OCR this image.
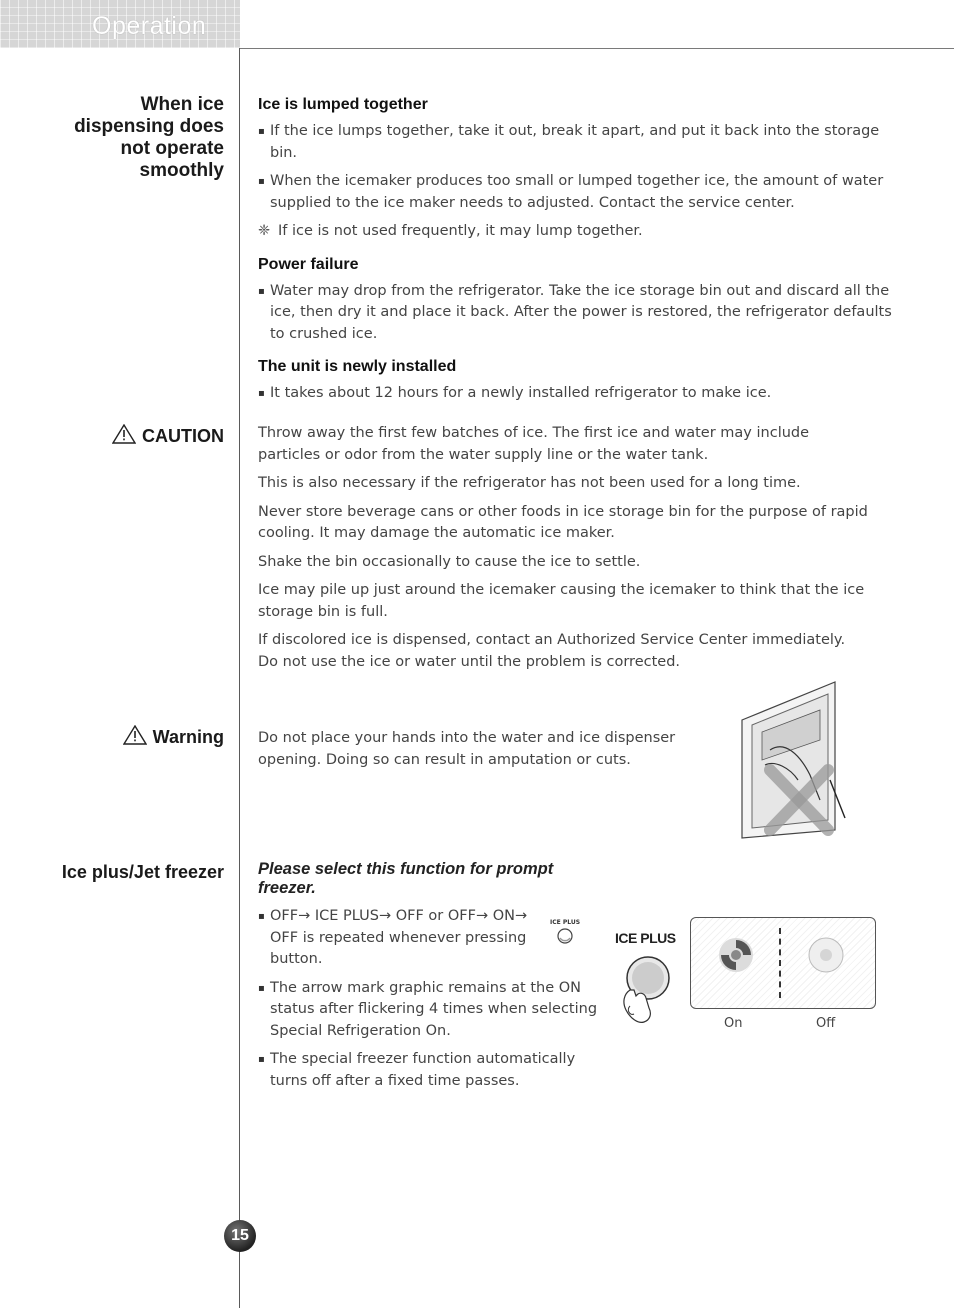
Operation
When ice
dispensing does
not operate
smoothly
CAUTION
Warning
Ice plus/Jet freezer
Ice is lumped together
▪ If the ice lumps together, take it out, break it apart, and put it back into the storage bin.
▪ When the icemaker produces too small or lumped together ice, the amount of water supplied to the ice maker needs to adjusted. Contact the service center.
❈ If ice is not used frequently, it may lump together.
Power failure
▪ Water may drop from the refrigerator. Take the ice storage bin out and discard all the ice, then dry it and place it back. After the power is restored, the refrigerator defaults to crushed ice.
The unit is newly installed
▪ It takes about 12 hours for a newly installed refrigerator to make ice.
Throw away the first few batches of ice. The first ice and water may include particles or odor from the water supply line or the water tank.
This is also necessary if the refrigerator has not been used for a long time.
Never store beverage cans or other foods in ice storage bin for the purpose of rapid cooling. It may damage the automatic ice maker.
Shake the bin occasionally to cause the ice to settle.
Ice may pile up just around the icemaker causing the icemaker to think that the ice storage bin is full.
If discolored ice is dispensed, contact an Authorized Service Center immediately. Do not use the ice or water until the problem is corrected.
Do not place your hands into the water and ice dispenser opening. Doing so can result in amputation or cuts.
Please select this function for prompt freezer.
▪ OFF→ ICE PLUS→ OFF or OFF→ ON→
OFF is repeated whenever pressing
ICE PLUS

button.
▪ The arrow mark graphic remains at the ON status after flickering 4 times when selecting Special Refrigeration On.
▪ The special freezer function automatically turns off after a fixed time passes.
ICE PLUS
On	Off
15
